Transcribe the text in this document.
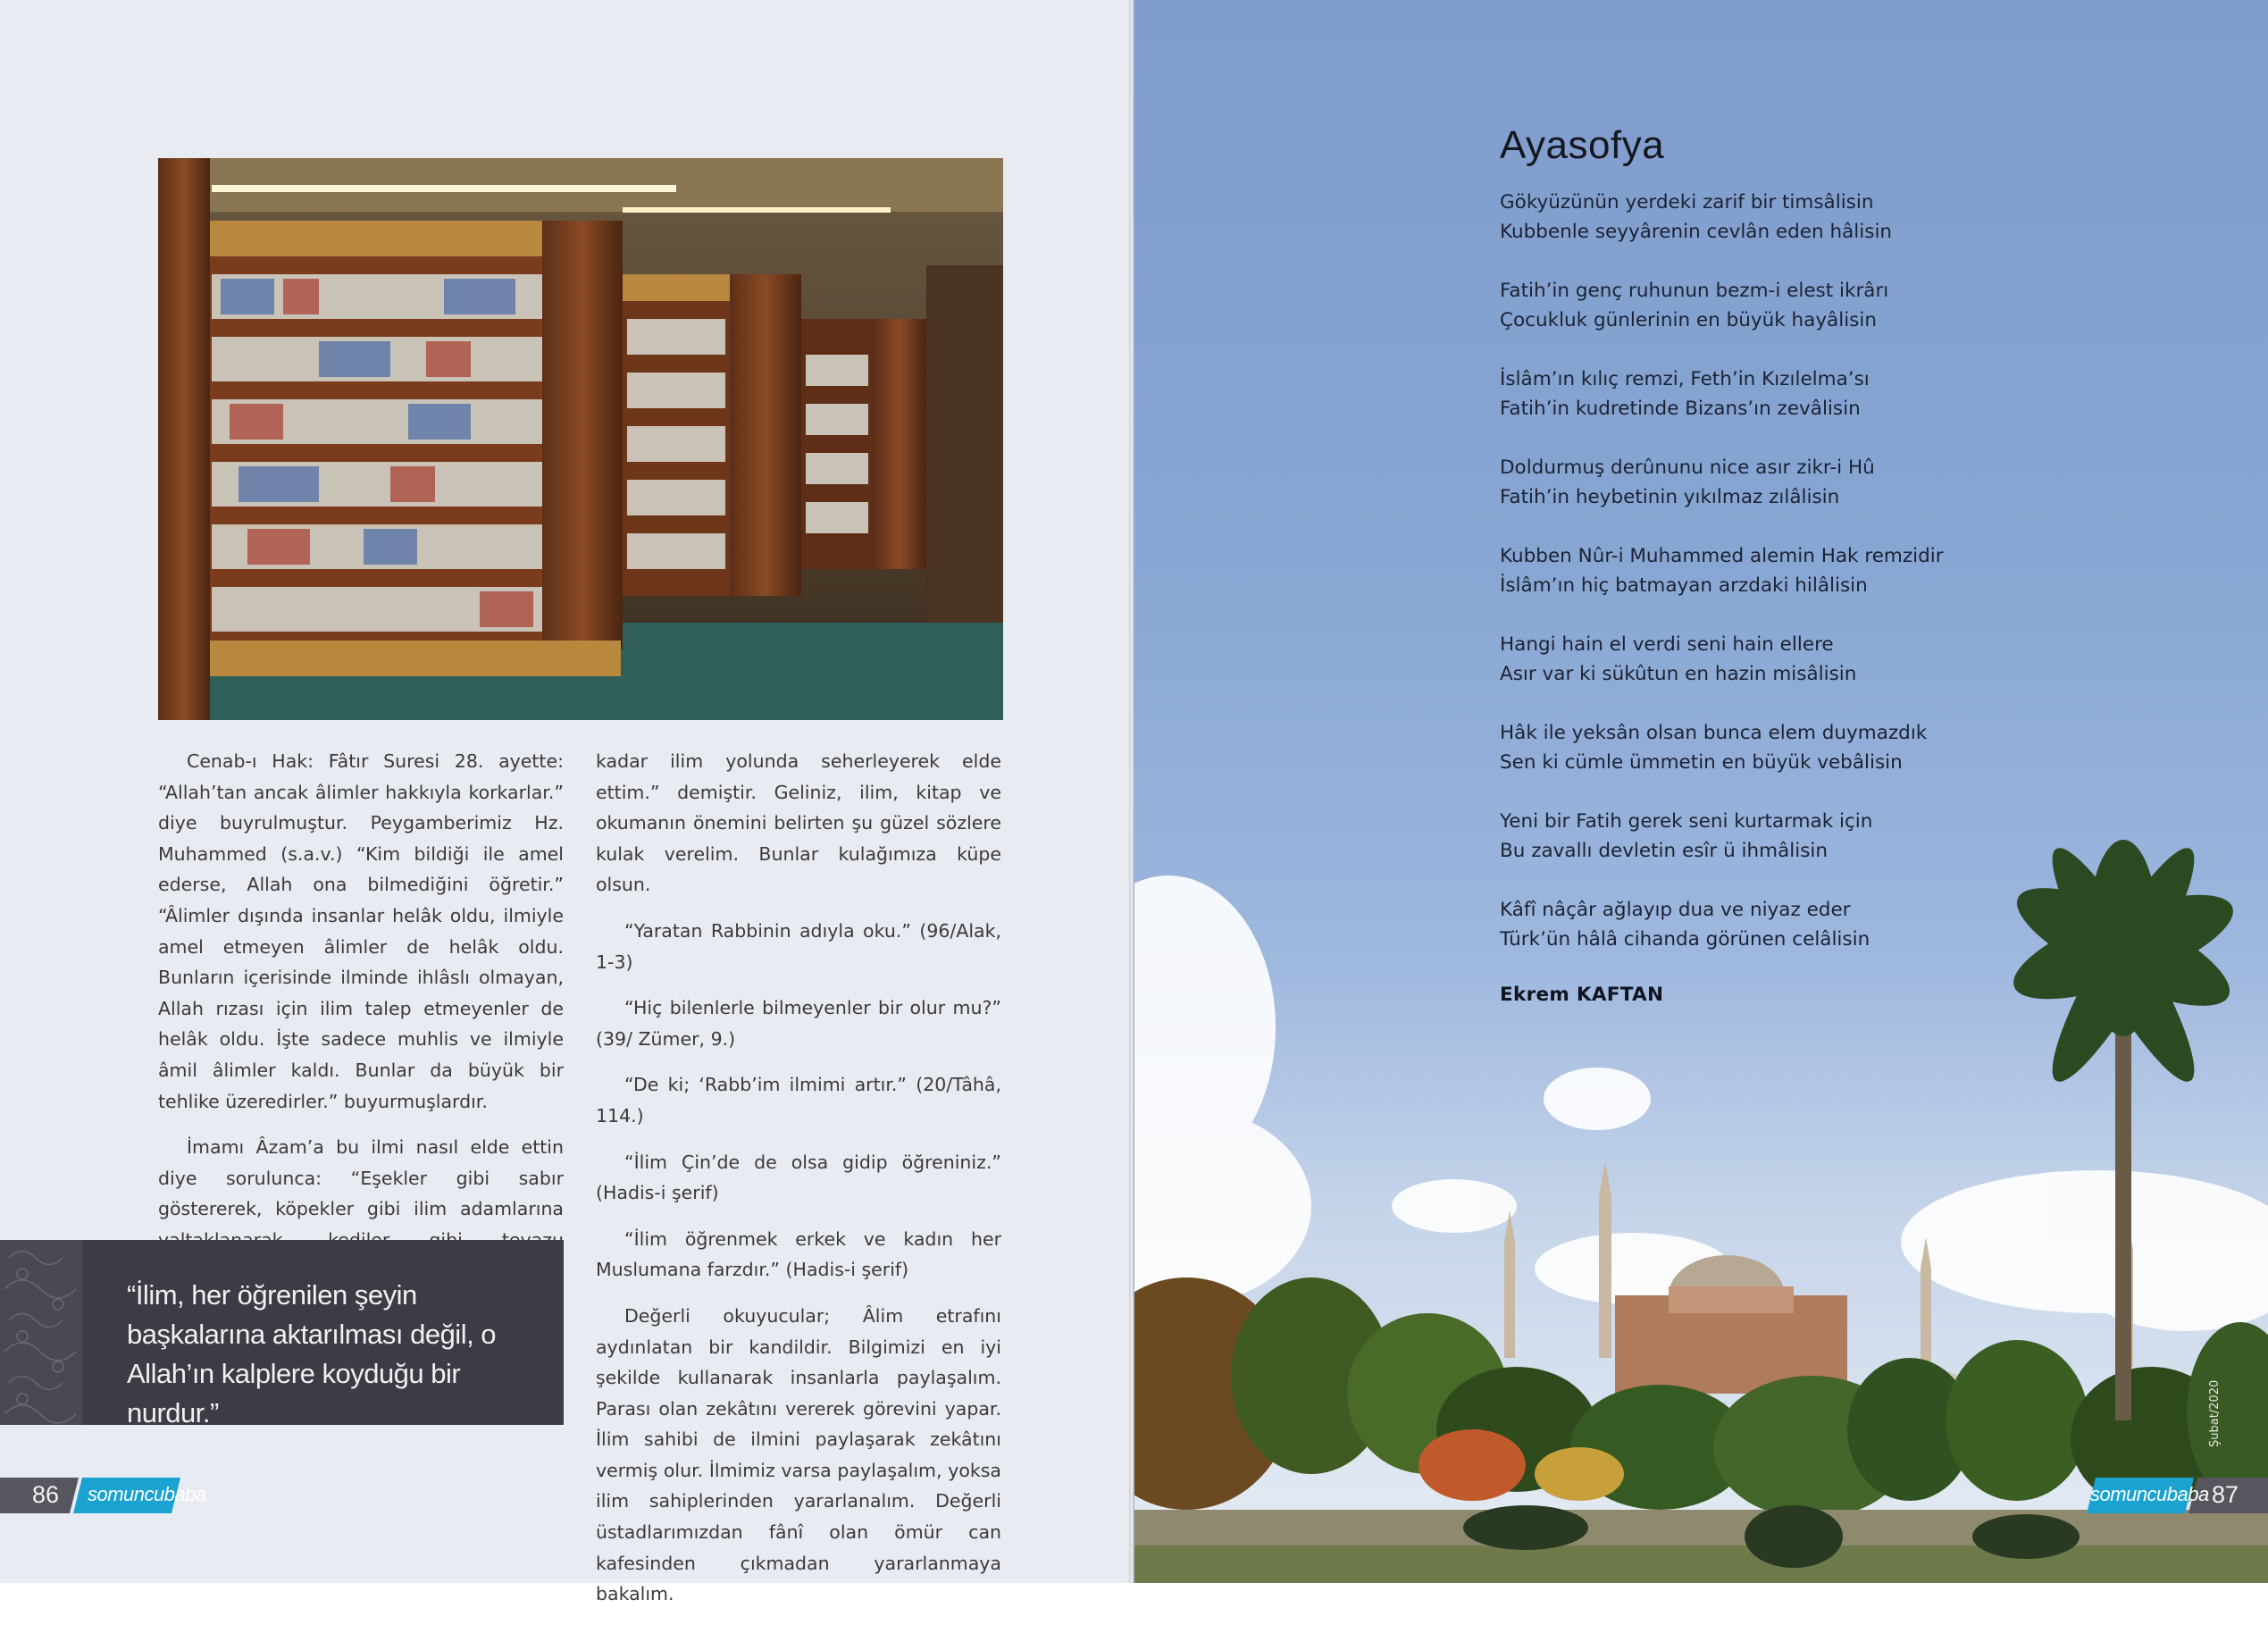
Cenab-ı Hak: Fâtır Suresi 28. ayette: “Allah’tan ancak âlimler hakkıyla korkarlar.” diye buyrulmuştur. Peygamberimiz Hz. Muhammed (s.a.v.) “Kim bildiği ile amel ederse, Allah ona bilmediğini öğretir.” “Âlimler dışında insanlar helâk oldu, ilmiyle amel etmeyen âlimler de helâk oldu. Bunların içerisinde ilminde ihlâslı olmayan, Allah rızası için ilim talep etmeyenler de helâk oldu. İşte sadece muhlis ve ilmiyle âmil âlimler kaldı. Bunlar da büyük bir tehlike üzeredirler.” buyurmuşlardır.

İmamı Âzam’a bu ilmi nasıl elde ettin diye sorulunca: “Eşekler gibi sabır göstererek, köpekler gibi ilim adamlarına

kadar ilim yolunda seherleyerek elde ettim.” demiştir. Geliniz, ilim, kitap ve okumanın önemini belirten şu güzel sözlere kulak verelim. Bunlar kulağımıza küpe olsun.

“Yaratan Rabbinin adıyla oku.” (96/Alak, 1-3)

“Hiç bilenlerle bilmeyenler bir olur mu?” (39/ Zümer, 9.)

“De ki; ‘Rabb’im ilmimi artır.” (20/Tâhâ, 114.)

“İlim Çin’de de olsa gidip öğreniniz.” (Hadis-i şerif)

“İlim öğrenmek erkek ve kadın her Muslumana farzdır.” (Hadis-i şerif)

Değerli okuyucular; Âlim etrafını aydınlatan bir kandildir. Bilgimizi en iyi şekilde kullanarak insanlarla paylaşalım. Parası olan zekâtını vererek görevini yapar. İlim sahibi de ilmini paylaşarak zekâtını vermiş olur. İlmimiz varsa paylaşalım, yoksa ilim sahiplerinden yararlanalım. Değerli üstadlarımızdan fânî olan ömür can kafesinden çıkmadan yararlanmaya bakalım.

“İlim, her öğrenilen şeyin başkalarına aktarılması değil, o Allah’ın kalplere koyduğu bir nurdur.”
86 somuncubaba
Şubat/2020
somuncubaba 87
Ayasofya
Gökyüzünün yerdeki zarif bir timsâlisin
Kubbenle seyyârenin cevlân eden hâlisin
Fatih’in genç ruhunun bezm-i elest ikrârı
Çocukluk günlerinin en büyük hayâlisin
İslâm’ın kılıç remzi, Feth’in Kızılelma’sı
Fatih’in kudretinde Bizans’ın zevâlisin
Doldurmuş derûnunu nice asır zikr-i Hû
Fatih’in heybetinin yıkılmaz zılâlisin
Kubben Nûr-i Muhammed alemin Hak remzidir
İslâm’ın hiç batmayan arzdaki hilâlisin
Hangi hain el verdi seni hain ellere
Asır var ki sükûtun en hazin misâlisin
Hâk ile yeksân olsan bunca elem duymazdık
Sen ki cümle ümmetin en büyük vebâlisin
Yeni bir Fatih gerek seni kurtarmak için
Bu zavallı devletin esîr ü ihmâlisin
Kâfî nâçâr ağlayıp dua ve niyaz eder
Türk’ün hâlâ cihanda görünen celâlisin
Ekrem KAFTAN
